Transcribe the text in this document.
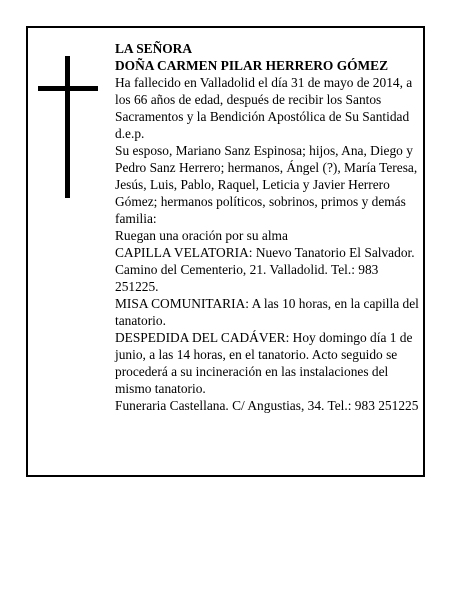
LA SEÑORA

DOÑA CARMEN PILAR HERRERO GÓMEZ

Ha fallecido en Valladolid el día 31 de mayo de 2014, a los 66 años de edad, después de recibir los Santos Sacramentos y la Bendición Apostólica de Su Santidad d.e.p.

Su esposo, Mariano Sanz Espinosa; hijos, Ana, Diego y Pedro Sanz Herrero; hermanos, Ángel (?), María Teresa, Jesús, Luis, Pablo, Raquel, Leticia y Javier Herrero Gómez; hermanos políticos, sobrinos, primos y demás familia:

Ruegan una oración por su alma

CAPILLA VELATORIA: Nuevo Tanatorio El Salvador. Camino del Cementerio, 21. Valladolid. Tel.: 983 251225.

MISA COMUNITARIA: A las 10 horas, en la capilla del tanatorio.

DESPEDIDA DEL CADÁVER: Hoy domingo día 1 de junio, a las 14 horas, en el tanatorio. Acto seguido se procederá a su incineración en las instalaciones del mismo tanatorio.

Funeraria Castellana. C/ Angustias, 34. Tel.: 983 251225
